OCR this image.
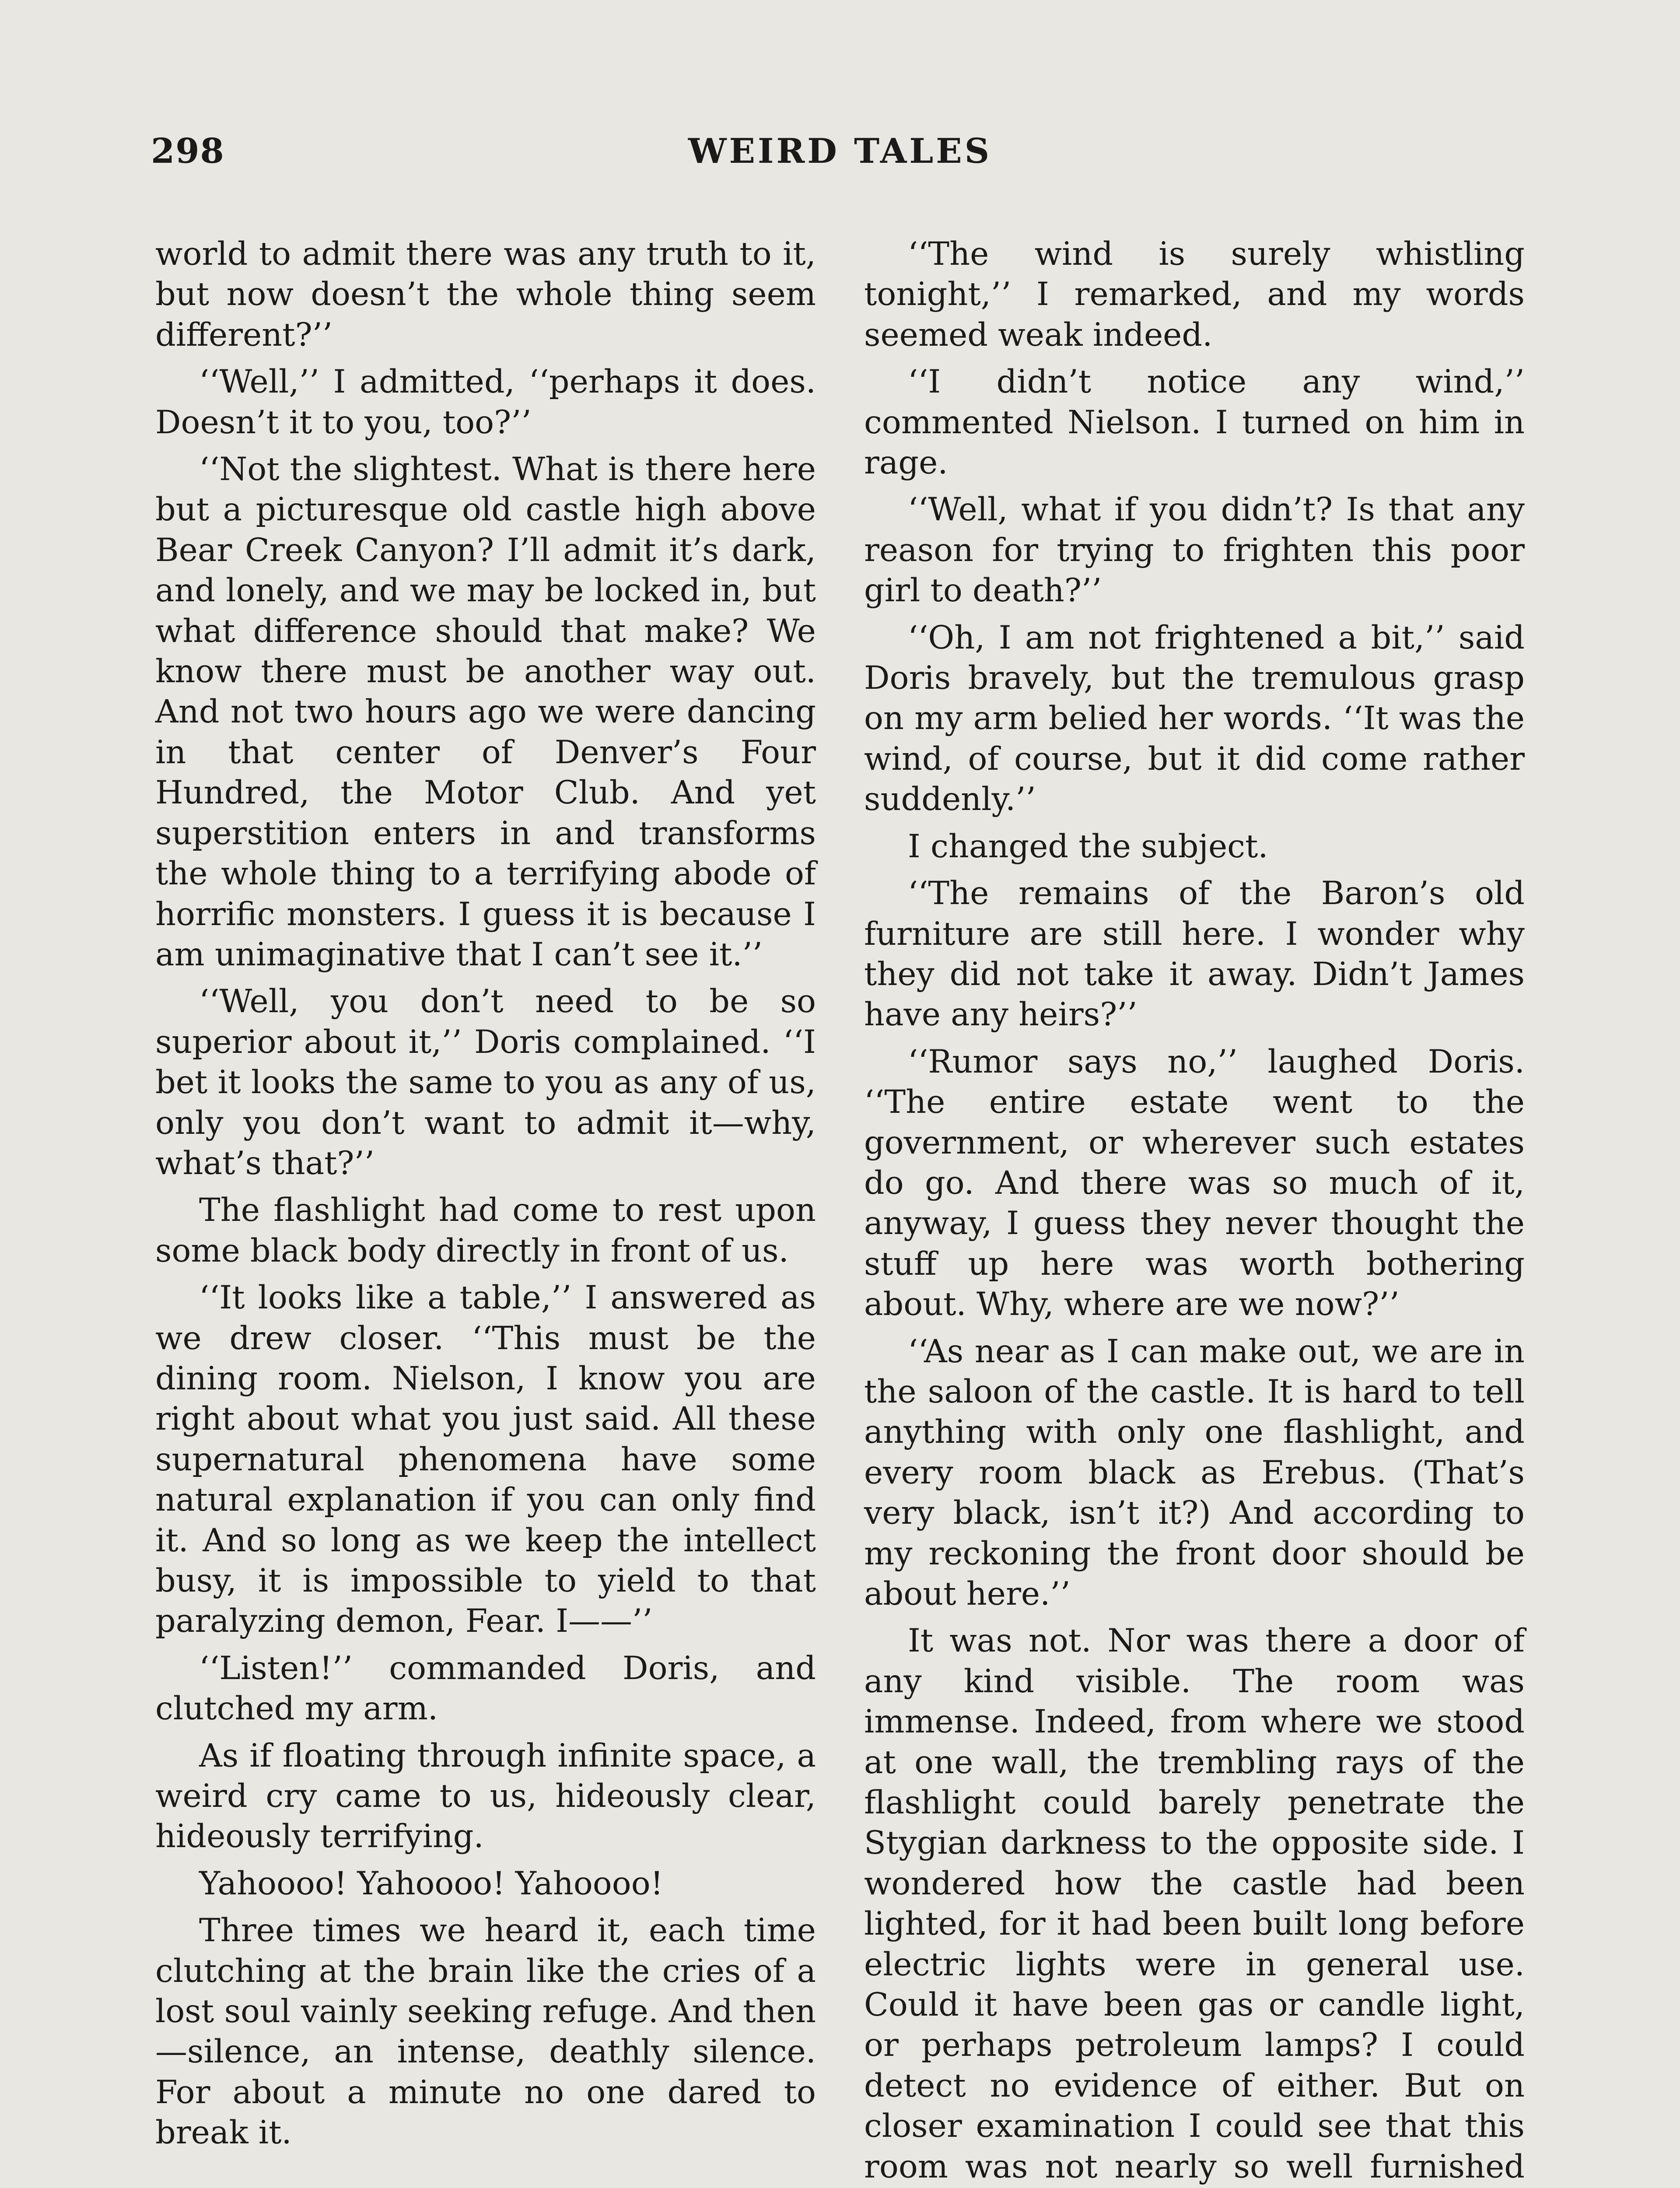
298	WEIRD TALES

world to admit there was any truth to it, but now doesn’t the whole thing seem different?’’

‘‘Well,’’ I admitted, ‘‘perhaps it does. Doesn’t it to you, too?’’

‘‘Not the slightest. What is there here but a picturesque old castle high above Bear Creek Canyon? I’ll admit it’s dark, and lonely, and we may be locked in, but what difference should that make? We know there must be another way out. And not two hours ago we were dancing in that center of Denver’s Four Hundred, the Motor Club. And yet superstition enters in and transforms the whole thing to a terrifying abode of horrific monsters. I guess it is because I am unimaginative that I can’t see it.’’

‘‘Well, you don’t need to be so superior about it,’’ Doris complained. ‘‘I bet it looks the same to you as any of us, only you don’t want to admit it—why, what’s that?’’

The flashlight had come to rest upon some black body directly in front of us.

‘‘It looks like a table,’’ I answered as we drew closer. ‘‘This must be the dining room. Nielson, I know you are right about what you just said. All these supernatural phenomena have some natural explanation if you can only find it. And so long as we keep the intellect busy, it is impossible to yield to that paralyzing demon, Fear. I——’’

‘‘Listen!’’ commanded Doris, and clutched my arm.

As if floating through infinite space, a weird cry came to us, hideously clear, hideously terrifying.

Yahoooo! Yahoooo! Yahoooo!

Three times we heard it, each time clutching at the brain like the cries of a lost soul vainly seeking refuge. And then—silence, an intense, deathly silence. For about a minute no one dared to break it.

‘‘The wind is surely whistling tonight,’’ I remarked, and my words seemed weak indeed.

‘‘I didn’t notice any wind,’’ commented Nielson. I turned on him in rage.

‘‘Well, what if you didn’t? Is that any reason for trying to frighten this poor girl to death?’’

‘‘Oh, I am not frightened a bit,’’ said Doris bravely, but the tremulous grasp on my arm belied her words. ‘‘It was the wind, of course, but it did come rather suddenly.’’

I changed the subject.

‘‘The remains of the Baron’s old furniture are still here. I wonder why they did not take it away. Didn’t James have any heirs?’’

‘‘Rumor says no,’’ laughed Doris. ‘‘The entire estate went to the government, or wherever such estates do go. And there was so much of it, anyway, I guess they never thought the stuff up here was worth bothering about. Why, where are we now?’’

‘‘As near as I can make out, we are in the saloon of the castle. It is hard to tell anything with only one flashlight, and every room black as Erebus. (That’s very black, isn’t it?) And according to my reckoning the front door should be about here.’’

It was not. Nor was there a door of any kind visible. The room was immense. Indeed, from where we stood at one wall, the trembling rays of the flashlight could barely penetrate the Stygian darkness to the opposite side. I wondered how the castle had been lighted, for it had been built long before electric lights were in general use. Could it have been gas or candle light, or perhaps petroleum lamps? I could detect no evidence of either. But on closer examination I could see that this room was not nearly so well furnished
